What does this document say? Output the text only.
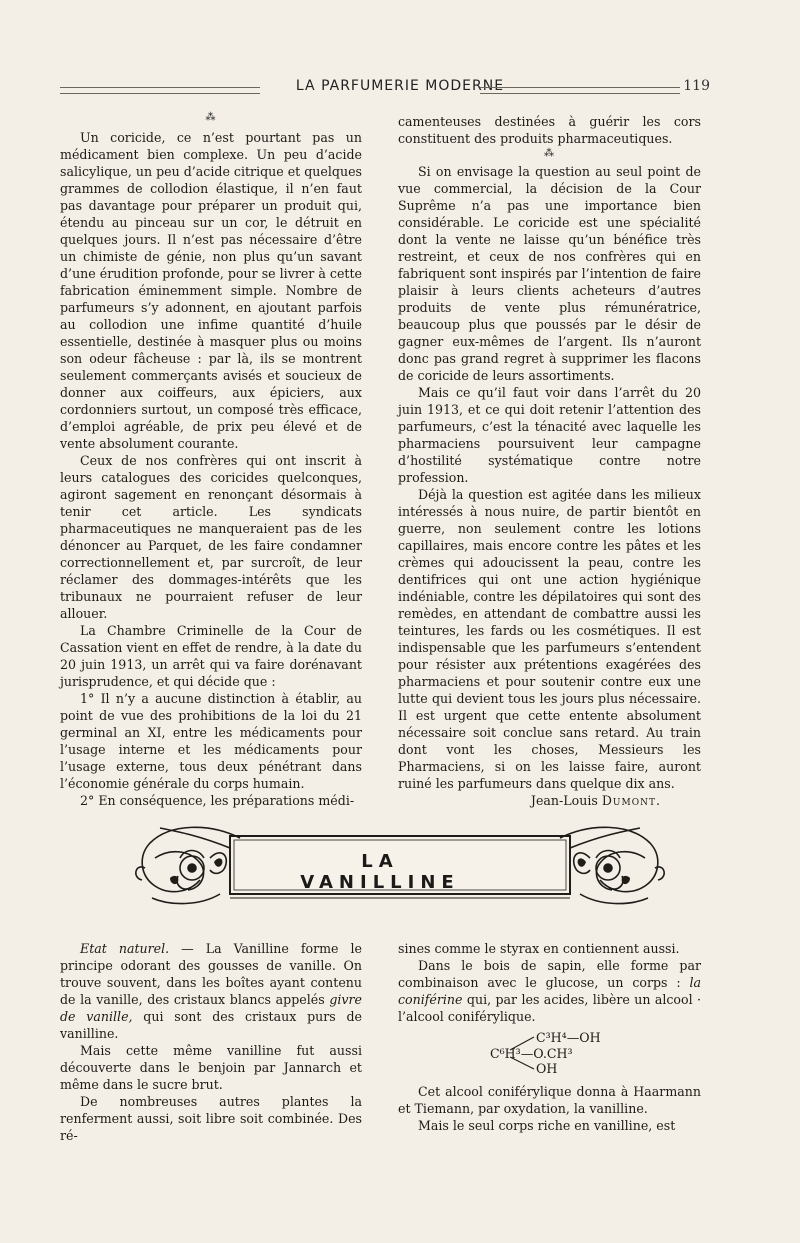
LA PARFUMERIE MODERNE	119
⁂

Un coricide, ce n’est pourtant pas un médicament bien complexe. Un peu d’acide salicylique, un peu d’acide citrique et quelques grammes de collodion élastique, il n’en faut pas davantage pour préparer un produit qui, étendu au pinceau sur un cor, le détruit en quelques jours. Il n’est pas nécessaire d’être un chimiste de génie, non plus qu’un savant d’une érudition profonde, pour se livrer à cette fabrication éminemment simple. Nombre de parfumeurs s’y adonnent, en ajoutant parfois au collodion une infime quantité d’huile essentielle, destinée à masquer plus ou moins son odeur fâcheuse : par là, ils se montrent seulement commerçants avisés et soucieux de donner aux coiffeurs, aux épiciers, aux cordonniers surtout, un composé très efficace, d’emploi agréable, de prix peu élevé et de vente absolument courante.

Ceux de nos confrères qui ont inscrit à leurs catalogues des coricides quelconques, agiront sagement en renonçant désormais à tenir cet article. Les syndicats pharmaceutiques ne manqueraient pas de les dénoncer au Parquet, de les faire condamner correctionnellement et, par surcroît, de leur réclamer des dommages-intérêts que les tribunaux ne pourraient refuser de leur allouer.

La Chambre Criminelle de la Cour de Cassation vient en effet de rendre, à la date du 20 juin 1913, un arrêt qui va faire dorénavant jurisprudence, et qui décide que :

1° Il n’y a aucune distinction à établir, au point de vue des prohibitions de la loi du 21 germinal an XI, entre les médicaments pour l’usage interne et les médicaments pour l’usage externe, tous deux pénétrant dans l’économie générale du corps humain.

2° En conséquence, les préparations médi-

camenteuses destinées à guérir les cors constituent des produits pharmaceutiques.

⁂

Si on envisage la question au seul point de vue commercial, la décision de la Cour Suprême n’a pas une importance bien considérable. Le coricide est une spécialité dont la vente ne laisse qu’un bénéfice très restreint, et ceux de nos confrères qui en fabriquent sont inspirés par l’intention de faire plaisir à leurs clients acheteurs d’autres produits de vente plus rémunératrice, beaucoup plus que poussés par le désir de gagner eux-mêmes de l’argent. Ils n’auront donc pas grand regret à supprimer les flacons de coricide de leurs assortiments.

Mais ce qu’il faut voir dans l’arrêt du 20 juin 1913, et ce qui doit retenir l’attention des parfumeurs, c’est la ténacité avec laquelle les pharmaciens poursuivent leur campagne d’hostilité systématique contre notre profession.

Déjà la question est agitée dans les milieux intéressés à nous nuire, de partir bientôt en guerre, non seulement contre les lotions capillaires, mais encore contre les pâtes et les crèmes qui adoucissent la peau, contre les dentifrices qui ont une action hygiénique indéniable, contre les dépilatoires qui sont des remèdes, en attendant de combattre aussi les teintures, les fards ou les cosmétiques. Il est indispensable que les parfumeurs s’entendent pour résister aux prétentions exagérées des pharmaciens et pour soutenir contre eux une lutte qui devient tous les jours plus nécessaire. Il est urgent que cette entente absolument nécessaire soit conclue sans retard. Au train dont vont les choses, Messieurs les Pharmaciens, si on les laisse faire, auront ruiné les parfumeurs dans quelque dix ans.

Jean-Louis Dumont.
LA VANILLINE

Etat naturel. — La Vanilline forme le principe odorant des gousses de vanille. On trouve souvent, dans les boîtes ayant contenu de la vanille, des cristaux blancs appelés givre de vanille, qui sont des cristaux purs de vanilline.

Mais cette même vanilline fut aussi découverte dans le benjoin par Jannarch et même dans le sucre brut.

De nombreuses autres plantes la renferment aussi, soit libre soit combinée. Des ré-

sines comme le styrax en contiennent aussi.

Dans le bois de sapin, elle forme par combinaison avec le glucose, un corps : la coniférine qui, par les acides, libère un alcool · l’alcool coniférylique.

C³H⁴—OH
C⁶H³—O.CH³
OH

Cet alcool coniférylique donna à Haarmann et Tiemann, par oxydation, la vanilline.

Mais le seul corps riche en vanilline, est
